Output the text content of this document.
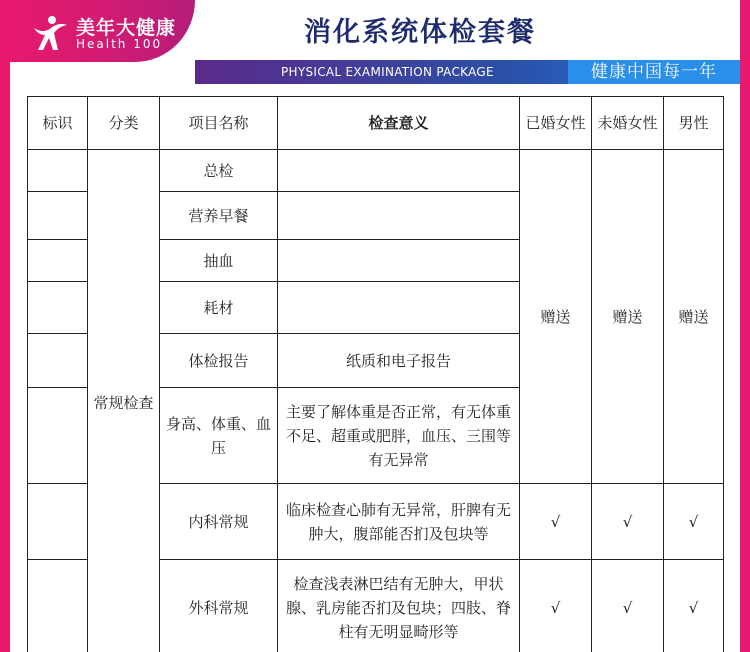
美年大健康
Health 100	消化系统体检套餐
PHYSICAL EXAMINATION PACKAGE	健康中国每一年
标识	分类	项目名称	检查意义	已婚女性	未婚女性	男性
	常规检查	总检		赠送	赠送	赠送
		营养早餐				
		抽血				
		耗材				
		体检报告	纸质和电子报告			
		身高、体重、血压	主要了解体重是否正常，有无体重不足、超重或肥胖，血压、三围等有无异常			
		内科常规	临床检查心肺有无异常，肝脾有无肿大，腹部能否扪及包块等	√	√	√
		外科常规	检查浅表淋巴结有无肿大，甲状腺、乳房能否扪及包块；四肢、脊柱有无明显畸形等	√	√	√
